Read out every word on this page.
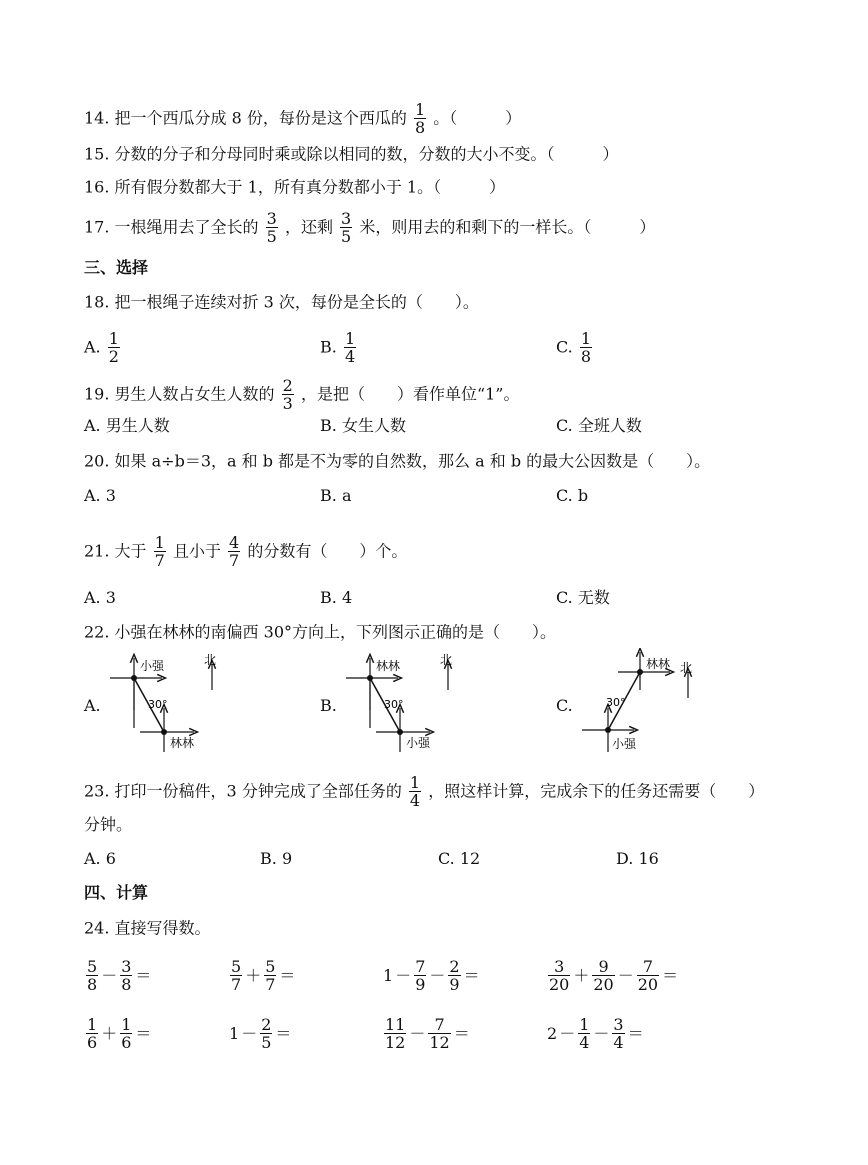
14. 把一个西瓜分成 8 份，每份是这个西瓜的 $\frac{1}{8}$ 。（　　　）
15. 分数的分子和分母同时乘或除以相同的数，分数的大小不变。（　　　）
16. 所有假分数都大于 1，所有真分数都小于 1。（　　　）
17. 一根绳用去了全长的 $\frac{3}{5}$ ，还剩 $\frac{3}{5}$ 米，则用去的和剩下的一样长。（　　　）
三、选择
18. 把一根绳子连续对折 3 次，每份是全长的（　　）。
A. $\frac{1}{2}$	B. $\frac{1}{4}$	C. $\frac{1}{8}$
19. 男生人数占女生人数的 $\frac{2}{3}$ ，是把（　　）看作单位“1”。
A. 男生人数	B. 女生人数	C. 全班人数
20. 如果 a÷b＝3，a 和 b 都是不为零的自然数，那么 a 和 b 的最大公因数是（　　）。
A. 3	B. a	C. b
21. 大于 $\frac{1}{7}$ 且小于 $\frac{4}{7}$ 的分数有（　　）个。
A. 3	B. 4	C. 无数
22. 小强在林林的南偏西 30°方向上，下列图示正确的是（　　）。
A.
小强
30°
林林
北
B.
林林
30°
小强
北
C.
林林
30°
小强
北
23. 打印一份稿件，3 分钟完成了全部任务的 $\frac{1}{4}$ ，照这样计算，完成余下的任务还需要（　　）
分钟。
A. 6	B. 9	C. 12	D. 16
四、计算
24. 直接写得数。
$\frac{5}{8} - \frac{3}{8}$ ＝	$\frac{5}{7} + \frac{5}{7}$ ＝	$1 - \frac{7}{9} - \frac{2}{9}$ ＝	$\frac{3}{20} + \frac{9}{20} - \frac{7}{20}$ ＝
$\frac{1}{6} + \frac{1}{6}$ ＝	$1 - \frac{2}{5}$ ＝	$\frac{11}{12} - \frac{7}{12}$ ＝	$2 - \frac{1}{4} - \frac{3}{4}$ ＝
